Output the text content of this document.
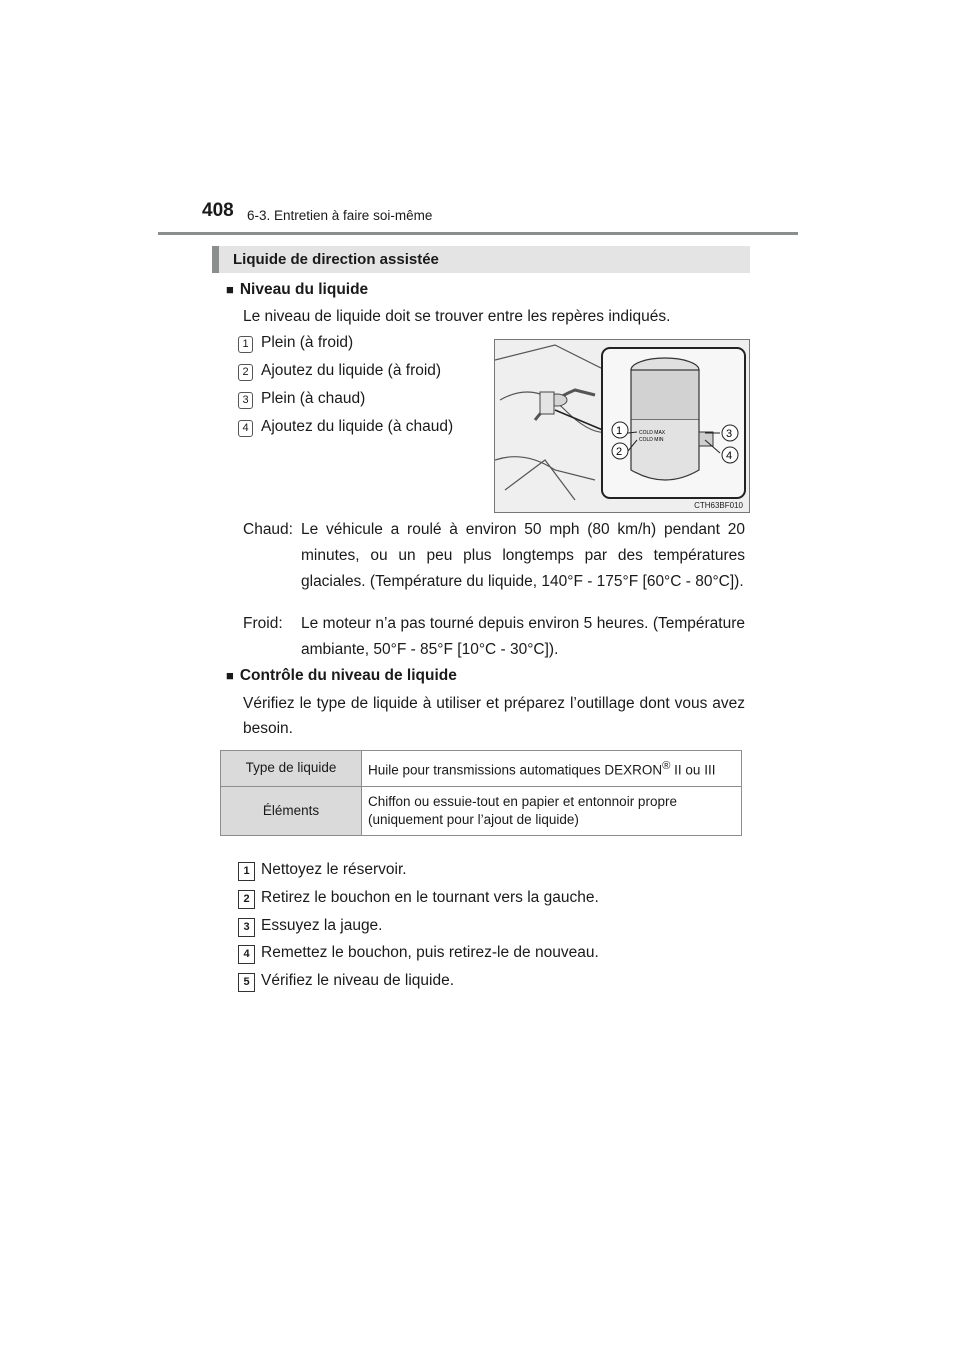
408 6-3. Entretien à faire soi-même
Liquide de direction assistée
■ Niveau du liquide
Le niveau de liquide doit se trouver entre les repères indiqués.
1 Plein (à froid)
2 Ajoutez du liquide (à froid)
3 Plein (à chaud)
4 Ajoutez du liquide (à chaud)	COLD MAX
COLD MIN
1
2
3
4
CTH63BF010
Chaud: Le véhicule a roulé à environ 50 mph (80 km/h) pendant 20 minutes, ou un peu plus longtemps par des températures glaciales. (Température du liquide, 140°F - 175°F [60°C - 80°C]).
Froid: Le moteur n’a pas tourné depuis environ 5 heures. (Température ambiante, 50°F - 85°F [10°C - 30°C]).
■ Contrôle du niveau de liquide
Vérifiez le type de liquide à utiliser et préparez l’outillage dont vous avez besoin.
Type de liquide	Huile pour transmissions automatiques DEXRON® II ou III
Éléments	Chiffon ou essuie-tout en papier et entonnoir propre (uniquement pour l’ajout de liquide)
1 Nettoyez le réservoir.
2 Retirez le bouchon en le tournant vers la gauche.
3 Essuyez la jauge.
4 Remettez le bouchon, puis retirez-le de nouveau.
5 Vérifiez le niveau de liquide.
